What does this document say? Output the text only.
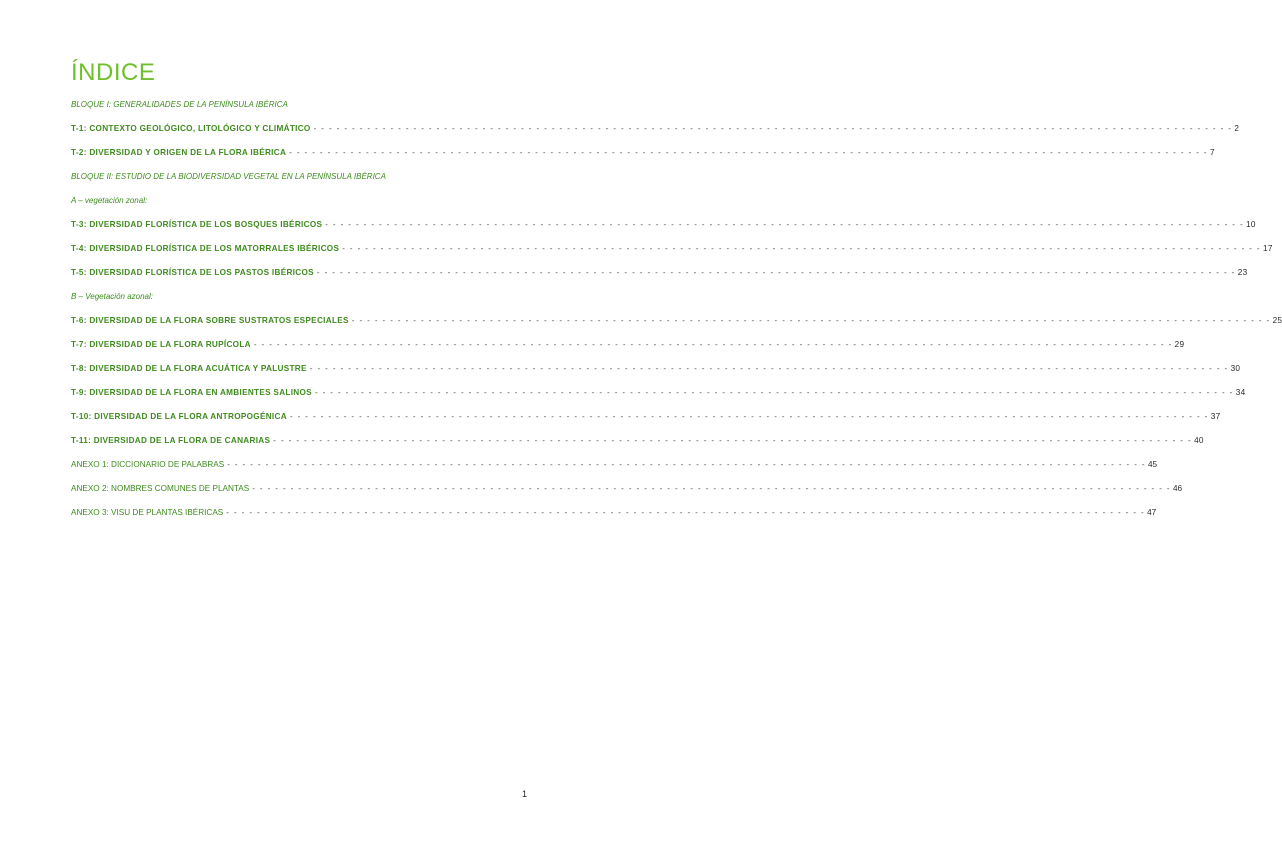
ÍNDICE
BLOQUE I: GENERALIDADES DE LA PENÍNSULA IBÉRICA
T-1: CONTEXTO GEOLÓGICO, LITOLÓGICO Y CLIMÁTICO - - - - - - - - - - - - - - - - - - - - - - - - - - - - - - - - - - - - - - - - - - - - - - - - - - - - - - - - - - - - - - - - - - - - - - - - - - - - - - - - - - - - - - - - - - - - - - - - - - - - - - - - - - - - - - - - - - - - - - - - 2
T-2: DIVERSIDAD Y ORIGEN DE LA FLORA IBÉRICA - - - - - - - - - - - - - - - - - - - - - - - - - - - - - - - - - - - - - - - - - - - - - - - - - - - - - - - - - - - - - - - - - - - - - - - - - - - - - - - - - - - - - - - - - - - - - - - - - - - - - - - - - - - - - - - - - - - - - - - - 7
BLOQUE II: ESTUDIO DE LA BIODIVERSIDAD VEGETAL EN LA PENÍNSULA IBÉRICA
A – vegetación zonal:
T-3: DIVERSIDAD FLORÍSTICA DE LOS BOSQUES IBÉRICOS - - - - - - - - - - - - - - - - - - - - - - - - - - - - - - - - - - - - - - - - - - - - - - - - - - - - - - - - - - - - - - - - - - - - - - - - - - - - - - - - - - - - - - - - - - - - - - - - - - - - - - - - - - - - - - - - - - - - - - - - 10
T-4: DIVERSIDAD FLORÍSTICA DE LOS MATORRALES IBÉRICOS - - - - - - - - - - - - - - - - - - - - - - - - - - - - - - - - - - - - - - - - - - - - - - - - - - - - - - - - - - - - - - - - - - - - - - - - - - - - - - - - - - - - - - - - - - - - - - - - - - - - - - - - - - - - - - - - - - - - - - - - 17
T-5: DIVERSIDAD FLORÍSTICA DE LOS PASTOS IBÉRICOS - - - - - - - - - - - - - - - - - - - - - - - - - - - - - - - - - - - - - - - - - - - - - - - - - - - - - - - - - - - - - - - - - - - - - - - - - - - - - - - - - - - - - - - - - - - - - - - - - - - - - - - - - - - - - - - - - - - - - - - - 23
B – Vegetación azonal:
T-6: DIVERSIDAD DE LA FLORA SOBRE SUSTRATOS ESPECIALES - - - - - - - - - - - - - - - - - - - - - - - - - - - - - - - - - - - - - - - - - - - - - - - - - - - - - - - - - - - - - - - - - - - - - - - - - - - - - - - - - - - - - - - - - - - - - - - - - - - - - - - - - - - - - - - - - - - - - - - - 25
T-7: DIVERSIDAD DE LA FLORA RUPÍCOLA - - - - - - - - - - - - - - - - - - - - - - - - - - - - - - - - - - - - - - - - - - - - - - - - - - - - - - - - - - - - - - - - - - - - - - - - - - - - - - - - - - - - - - - - - - - - - - - - - - - - - - - - - - - - - - - - - - - - - - - - 29
T-8: DIVERSIDAD DE LA FLORA ACUÁTICA Y PALUSTRE - - - - - - - - - - - - - - - - - - - - - - - - - - - - - - - - - - - - - - - - - - - - - - - - - - - - - - - - - - - - - - - - - - - - - - - - - - - - - - - - - - - - - - - - - - - - - - - - - - - - - - - - - - - - - - - - - - - - - - - - 30
T-9: DIVERSIDAD DE LA FLORA EN AMBIENTES SALINOS - - - - - - - - - - - - - - - - - - - - - - - - - - - - - - - - - - - - - - - - - - - - - - - - - - - - - - - - - - - - - - - - - - - - - - - - - - - - - - - - - - - - - - - - - - - - - - - - - - - - - - - - - - - - - - - - - - - - - - - - 34
T-10: DIVERSIDAD DE LA FLORA ANTROPOGÉNICA - - - - - - - - - - - - - - - - - - - - - - - - - - - - - - - - - - - - - - - - - - - - - - - - - - - - - - - - - - - - - - - - - - - - - - - - - - - - - - - - - - - - - - - - - - - - - - - - - - - - - - - - - - - - - - - - - - - - - - - - 37
T-11: DIVERSIDAD DE LA FLORA DE CANARIAS - - - - - - - - - - - - - - - - - - - - - - - - - - - - - - - - - - - - - - - - - - - - - - - - - - - - - - - - - - - - - - - - - - - - - - - - - - - - - - - - - - - - - - - - - - - - - - - - - - - - - - - - - - - - - - - - - - - - - - - - 40
ANEXO 1: DICCIONARIO DE PALABRAS - - - - - - - - - - - - - - - - - - - - - - - - - - - - - - - - - - - - - - - - - - - - - - - - - - - - - - - - - - - - - - - - - - - - - - - - - - - - - - - - - - - - - - - - - - - - - - - - - - - - - - - - - - - - - - - - - - - - - - - - 45
ANEXO 2: NOMBRES COMUNES DE PLANTAS - - - - - - - - - - - - - - - - - - - - - - - - - - - - - - - - - - - - - - - - - - - - - - - - - - - - - - - - - - - - - - - - - - - - - - - - - - - - - - - - - - - - - - - - - - - - - - - - - - - - - - - - - - - - - - - - - - - - - - - - 46
ANEXO 3: VISU DE PLANTAS IBÉRICAS - - - - - - - - - - - - - - - - - - - - - - - - - - - - - - - - - - - - - - - - - - - - - - - - - - - - - - - - - - - - - - - - - - - - - - - - - - - - - - - - - - - - - - - - - - - - - - - - - - - - - - - - - - - - - - - - - - - - - - - - 47
1
